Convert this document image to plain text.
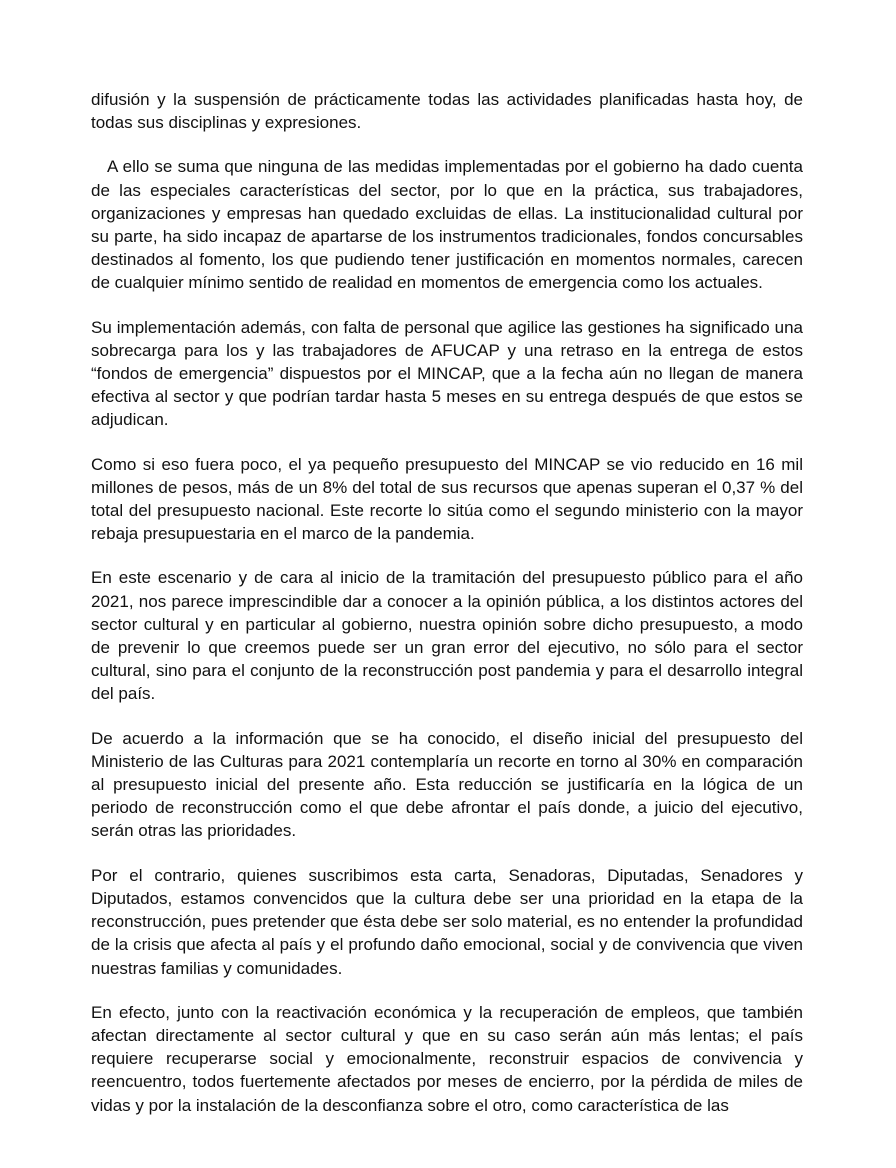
difusión y la suspensión de prácticamente todas las actividades planificadas hasta hoy, de todas sus disciplinas y expresiones.

A ello se suma que ninguna de las medidas implementadas por el gobierno ha dado cuenta de las especiales características del sector, por lo que en la práctica, sus trabajadores, organizaciones y empresas han quedado excluidas de ellas. La institucionalidad cultural por su parte, ha sido incapaz de apartarse de los instrumentos tradicionales, fondos concursables destinados al fomento, los que pudiendo tener justificación en momentos normales, carecen de cualquier mínimo sentido de realidad en momentos de emergencia como los actuales.

Su implementación además, con falta de personal que agilice las gestiones ha significado una sobrecarga para los y las trabajadores de AFUCAP y una retraso en la entrega de estos “fondos de emergencia” dispuestos por el MINCAP, que a la fecha aún no llegan de manera efectiva al sector y que podrían tardar hasta 5 meses en su entrega después de que estos se adjudican.

Como si eso fuera poco, el ya pequeño presupuesto del MINCAP se vio reducido en 16 mil millones de pesos, más de un 8% del total de sus recursos que apenas superan el 0,37 % del total del presupuesto nacional. Este recorte lo sitúa como el segundo ministerio con la mayor rebaja presupuestaria en el marco de la pandemia.

En este escenario y de cara al inicio de la tramitación del presupuesto público para el año 2021, nos parece imprescindible dar a conocer a la opinión pública, a los distintos actores del sector cultural y en particular al gobierno, nuestra opinión sobre dicho presupuesto, a modo de prevenir lo que creemos puede ser un gran error del ejecutivo, no sólo para el sector cultural, sino para el conjunto de la reconstrucción post pandemia y para el desarrollo integral del país.

De acuerdo a la información que se ha conocido, el diseño inicial del presupuesto del Ministerio de las Culturas para 2021 contemplaría un recorte en torno al 30% en comparación al presupuesto inicial del presente año. Esta reducción se justificaría en la lógica de un periodo de reconstrucción como el que debe afrontar el país donde, a juicio del ejecutivo, serán otras las prioridades.

Por el contrario, quienes suscribimos esta carta, Senadoras, Diputadas, Senadores y Diputados, estamos convencidos que la cultura debe ser una prioridad en la etapa de la reconstrucción, pues pretender que ésta debe ser solo material, es no entender la profundidad de la crisis que afecta al país y el profundo daño emocional, social y de convivencia que viven nuestras familias y comunidades.

En efecto, junto con la reactivación económica y la recuperación de empleos, que también afectan directamente al sector cultural y que en su caso serán aún más lentas; el país requiere recuperarse social y emocionalmente, reconstruir espacios de convivencia y reencuentro, todos fuertemente afectados por meses de encierro, por la pérdida de miles de vidas y por la instalación de la desconfianza sobre el otro, como característica de las
